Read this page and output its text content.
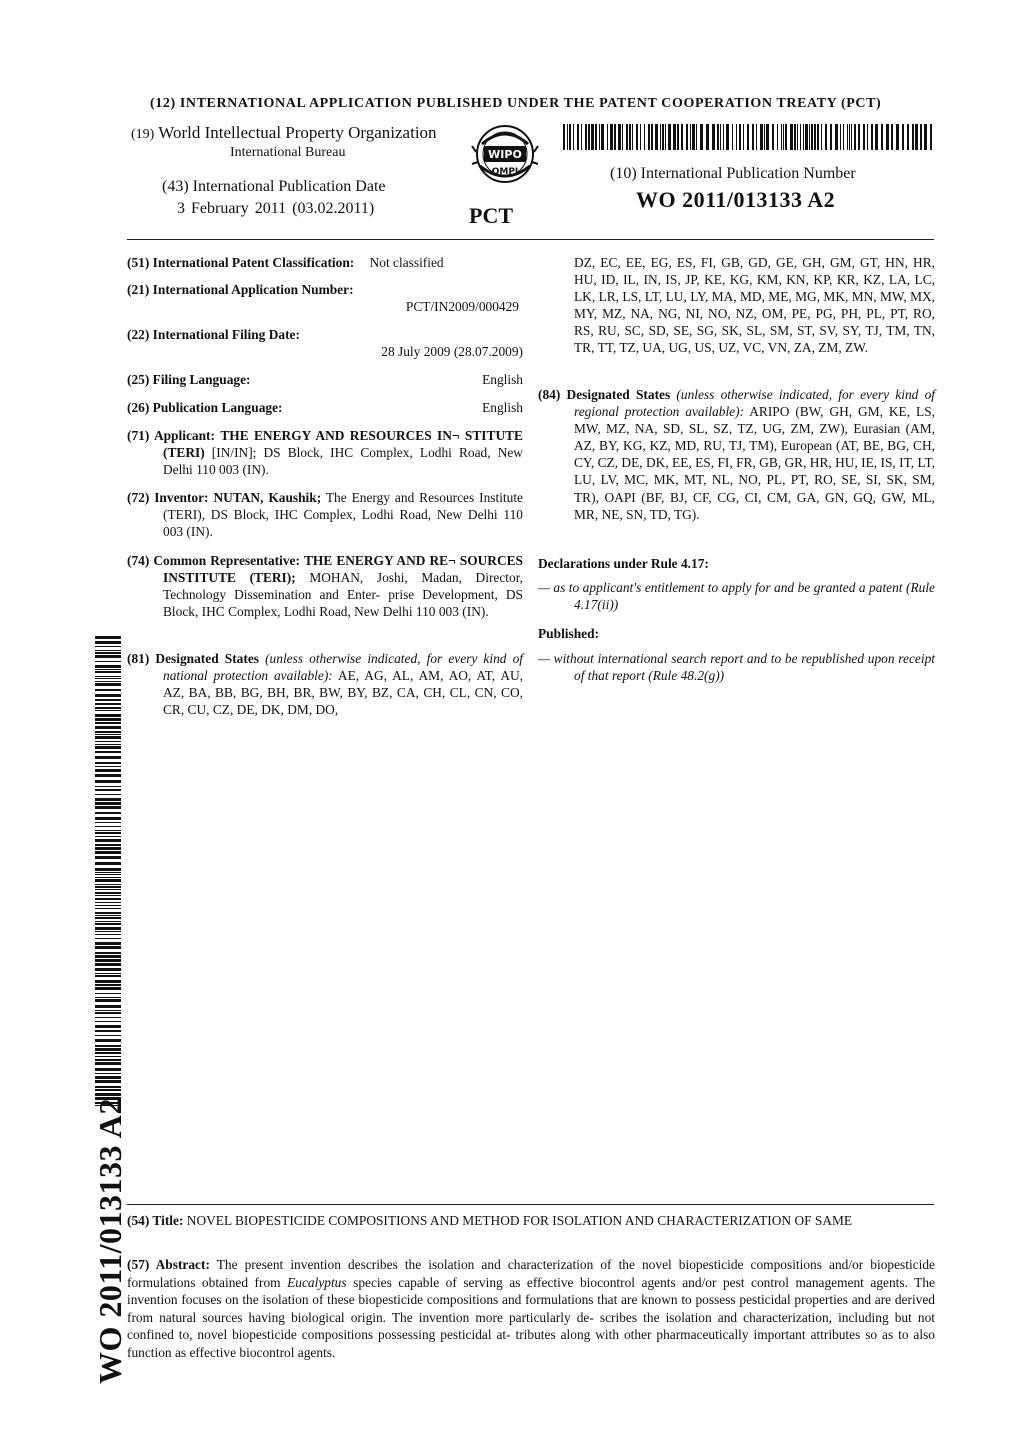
(12) INTERNATIONAL APPLICATION PUBLISHED UNDER THE PATENT COOPERATION TREATY (PCT)
(19) World Intellectual Property Organization
International Bureau
(43) International Publication Date
3 February 2011 (03.02.2011)
WIPO
OMPI
PCT
(10) International Publication Number
WO 2011/013133 A2
(51) International Patent Classification: Not classified
(21) International Application Number:
PCT/IN2009/000429
(22) International Filing Date:
28 July 2009 (28.07.2009)
(25) Filing Language:	English
(26) Publication Language:	English
(71) Applicant: THE ENERGY AND RESOURCES IN¬ STITUTE (TERI) [IN/IN]; DS Block, IHC Complex, Lodhi Road, New Delhi 110 003 (IN).
(72) Inventor: NUTAN, Kaushik; The Energy and Resources Institute (TERI), DS Block, IHC Complex, Lodhi Road, New Delhi 110 003 (IN).
(74) Common Representative: THE ENERGY AND RE¬ SOURCES INSTITUTE (TERI); MOHAN, Joshi, Madan, Director, Technology Dissemination and Enter- prise Development, DS Block, IHC Complex, Lodhi Road, New Delhi 110 003 (IN).
(81) Designated States (unless otherwise indicated, for every kind of national protection available): AE, AG, AL, AM, AO, AT, AU, AZ, BA, BB, BG, BH, BR, BW, BY, BZ, CA, CH, CL, CN, CO, CR, CU, CZ, DE, DK, DM, DO,
DZ, EC, EE, EG, ES, FI, GB, GD, GE, GH, GM, GT, HN, HR, HU, ID, IL, IN, IS, JP, KE, KG, KM, KN, KP, KR, KZ, LA, LC, LK, LR, LS, LT, LU, LY, MA, MD, ME, MG, MK, MN, MW, MX, MY, MZ, NA, NG, NI, NO, NZ, OM, PE, PG, PH, PL, PT, RO, RS, RU, SC, SD, SE, SG, SK, SL, SM, ST, SV, SY, TJ, TM, TN, TR, TT, TZ, UA, UG, US, UZ, VC, VN, ZA, ZM, ZW.
(84) Designated States (unless otherwise indicated, for every kind of regional protection available): ARIPO (BW, GH, GM, KE, LS, MW, MZ, NA, SD, SL, SZ, TZ, UG, ZM, ZW), Eurasian (AM, AZ, BY, KG, KZ, MD, RU, TJ, TM), European (AT, BE, BG, CH, CY, CZ, DE, DK, EE, ES, FI, FR, GB, GR, HR, HU, IE, IS, IT, LT, LU, LV, MC, MK, MT, NL, NO, PL, PT, RO, SE, SI, SK, SM, TR), OAPI (BF, BJ, CF, CG, CI, CM, GA, GN, GQ, GW, ML, MR, NE, SN, TD, TG).
Declarations under Rule 4.17:
— as to applicant's entitlement to apply for and be granted a patent (Rule 4.17(ii))
Published:
— without international search report and to be republished upon receipt of that report (Rule 48.2(g))
WO 2011/013133 A2 (54) Title: NOVEL BIOPESTICIDE COMPOSITIONS AND METHOD FOR ISOLATION AND CHARACTERIZATION OF SAME
(57) Abstract: The present invention describes the isolation and characterization of the novel biopesticide compositions and/or biopesticide formulations obtained from Eucalyptus species capable of serving as effective biocontrol agents and/or pest control management agents. The invention focuses on the isolation of these biopesticide compositions and formulations that are known to possess pesticidal properties and are derived from natural sources having biological origin. The invention more particularly de- scribes the isolation and characterization, including but not confined to, novel biopesticide compositions possessing pesticidal at- tributes along with other pharmaceutically important attributes so as to also function as effective biocontrol agents.
